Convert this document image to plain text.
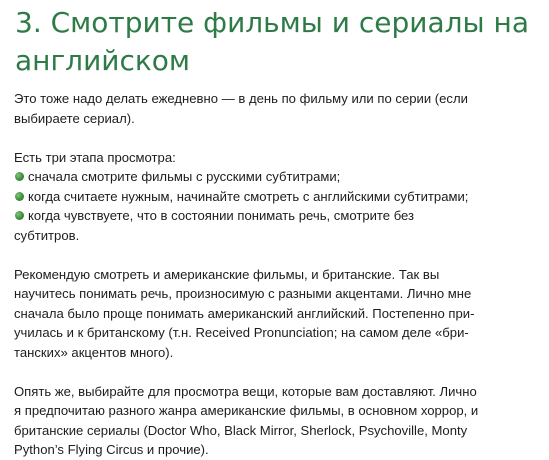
3. Смотрите фильмы и сериалы на
английском

Это тоже надо делать ежедневно — в день по фильму или по серии (если
выбираете сериал).

Есть три этапа просмотра:
сначала смотрите фильмы с русскими субтитрами;
когда считаете нужным, начинайте смотреть с английскими субтитрами;
когда чувствуете, что в состоянии понимать речь, смотрите без
субтитров.

Рекомендую смотреть и американские фильмы, и британские. Так вы
научитесь понимать речь, произносимую с разными акцентами. Лично мне
сначала было проще понимать американский английский. Постепенно при-
училась и к британскому (т.н. Received Pronunciation; на самом деле «бри-
танских» акцентов много).

Опять же, выбирайте для просмотра вещи, которые вам доставляют. Лично
я предпочитаю разного жанра американские фильмы, в основном хоррор, и
британские сериалы (Doctor Who, Black Mirror, Sherlock, Psychoville, Monty
Python’s Flying Circus и прочие).
